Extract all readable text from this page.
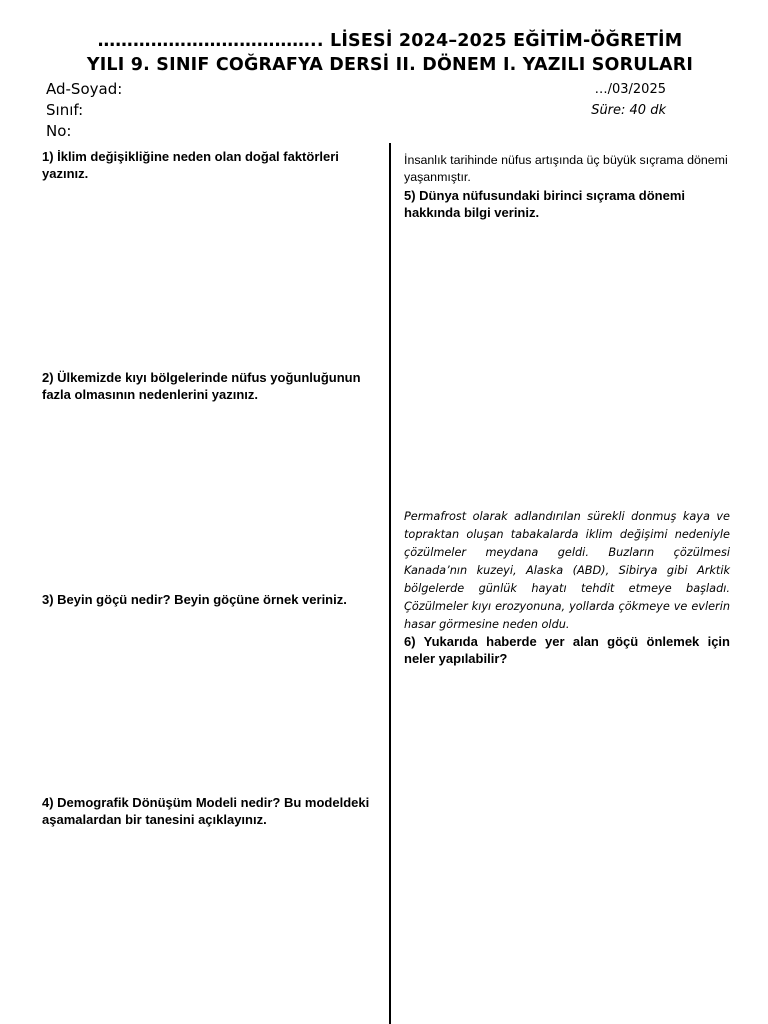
……………………………….. LİSESİ 2024–2025 EĞİTİM-ÖĞRETİM
YILI 9. SINIF COĞRAFYA DERSİ II. DÖNEM I. YAZILI SORULARI
Ad-Soyad:
Sınıf:
No:
…/03/2025
Süre: 40 dk
1) İklim değişikliğine neden olan doğal faktörleri yazınız.
2) Ülkemizde kıyı bölgelerinde nüfus yoğunluğunun fazla olmasının nedenlerini yazınız.
3) Beyin göçü nedir? Beyin göçüne örnek veriniz.
4) Demografik Dönüşüm Modeli nedir? Bu modeldeki aşamalardan bir tanesini açıklayınız.
İnsanlık tarihinde nüfus artışında üç büyük sıçrama dönemi yaşanmıştır.
5) Dünya nüfusundaki birinci sıçrama dönemi hakkında bilgi veriniz.
Permafrost olarak adlandırılan sürekli donmuş kaya ve topraktan oluşan tabakalarda iklim değişimi nedeniyle çözülmeler meydana geldi. Buzların çözülmesi Kanada’nın kuzeyi, Alaska (ABD), Sibirya gibi Arktik bölgelerde günlük hayatı tehdit etmeye başladı. Çözülmeler kıyı erozyonuna, yollarda çökmeye ve evlerin hasar görmesine neden oldu.
6) Yukarıda haberde yer alan göçü önlemek için neler yapılabilir?
